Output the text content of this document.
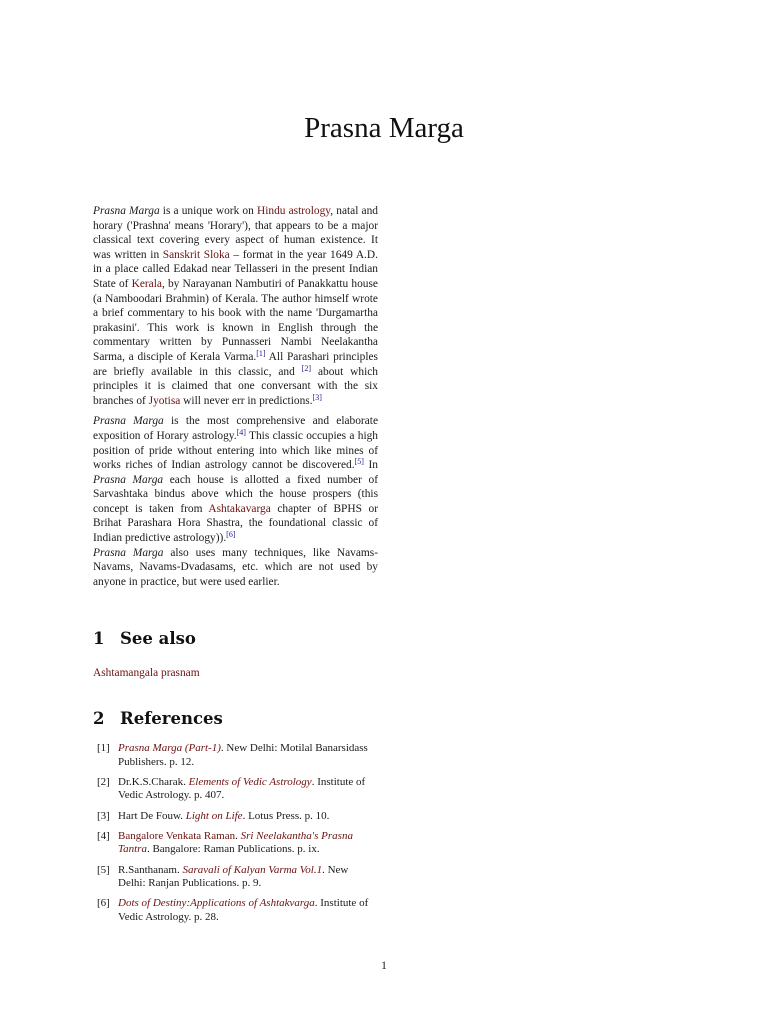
Prasna Marga

Prasna Marga is a unique work on Hindu astrology, natal and horary ('Prashna' means 'Horary'), that appears to be a major classical text covering every aspect of human existence. It was written in Sanskrit Sloka – format in the year 1649 A.D. in a place called Edakad near Tellasseri in the present Indian State of Kerala, by Narayanan Nambutiri of Panakkattu house (a Namboodari Brahmin) of Kerala. The author himself wrote a brief commentary to his book with the name 'Durgamartha prakasini'. This work is known in English through the commentary written by Punnasseri Nambi Neelakantha Sarma, a disciple of Kerala Varma.[1] All Parashari principles are briefly available in this classic, and [2] about which principles it is claimed that one conversant with the six branches of Jyotisa will never err in predictions.[3]

Prasna Marga is the most comprehensive and elaborate exposition of Horary astrology.[4] This classic occupies a high position of pride without entering into which like mines of works riches of Indian astrology cannot be discovered.[5] In Prasna Marga each house is allotted a fixed number of Sarvashtaka bindus above which the house prospers (this concept is taken from Ashtakavarga chapter of BPHS or Brihat Parashara Hora Shastra, the foundational classic of Indian predictive astrology)).[6]
Prasna Marga also uses many techniques, like Navams-Navams, Navams-Dvadasams, etc. which are not used by anyone in practice, but were used earlier.

1 See also
Ashtamangala prasnam
2 References
[1] Prasna Marga (Part-1). New Delhi: Motilal Banarsidass Publishers. p. 12.
[2] Dr.K.S.Charak. Elements of Vedic Astrology. Institute of Vedic Astrology. p. 407.
[3] Hart De Fouw. Light on Life. Lotus Press. p. 10.
[4] Bangalore Venkata Raman. Sri Neelakantha's Prasna Tantra. Bangalore: Raman Publications. p. ix.
[5] R.Santhanam. Saravali of Kalyan Varma Vol.1. New Delhi: Ranjan Publications. p. 9.
[6] Dots of Destiny:Applications of Ashtakvarga. Institute of Vedic Astrology. p. 28.
1
